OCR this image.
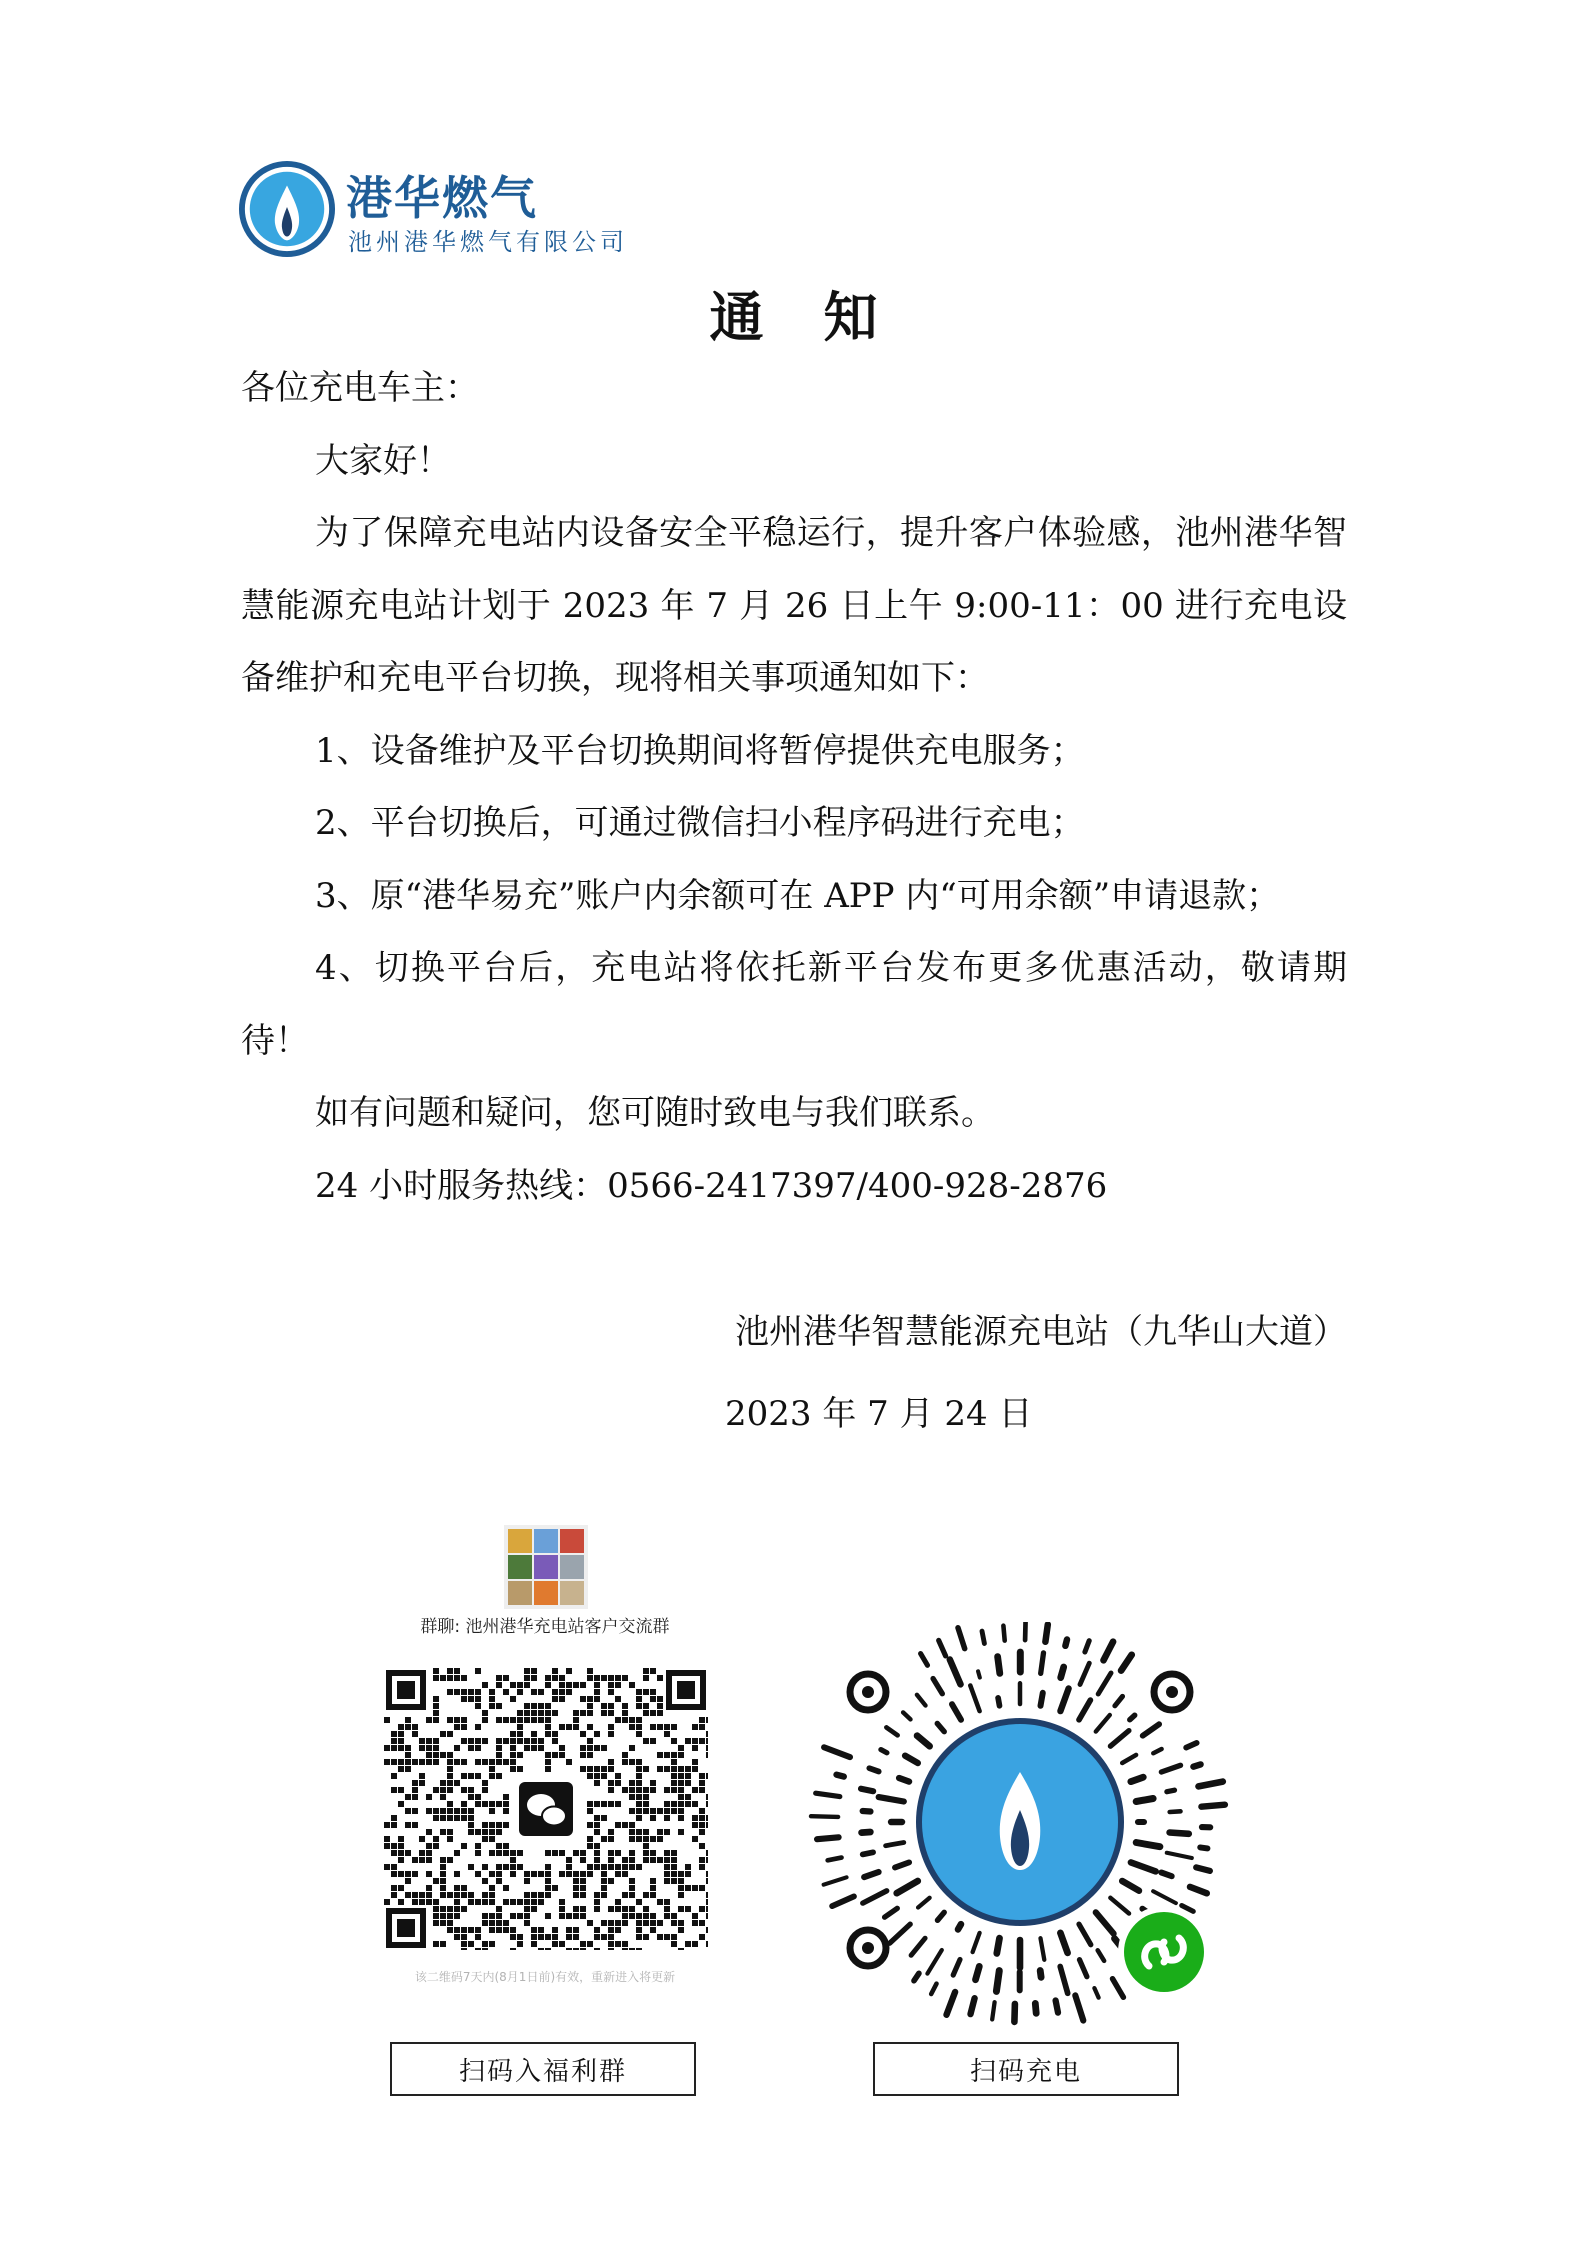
港华燃气
池州港华燃气有限公司
通知

各位充电车主：

大家好！

为了保障充电站内设备安全平稳运行，提升客户体验感，池州港华智慧能源充电站计划于 2023 年 7 月 26 日上午 9:00-11：00 进行充电设备维护和充电平台切换，现将相关事项通知如下：

1、设备维护及平台切换期间将暂停提供充电服务；

2、平台切换后，可通过微信扫小程序码进行充电；

3、原“港华易充”账户内余额可在 APP 内“可用余额”申请退款；

4、切换平台后，充电站将依托新平台发布更多优惠活动，敬请期待！

如有问题和疑问，您可随时致电与我们联系。

24 小时服务热线：0566-2417397/400-928-2876

池州港华智慧能源充电站（九华山大道）
2023 年 7 月 24 日
群聊: 池州港华充电站客户交流群
该二维码7天内(8月1日前)有效，重新进入将更新
扫码入福利群	扫码充电
